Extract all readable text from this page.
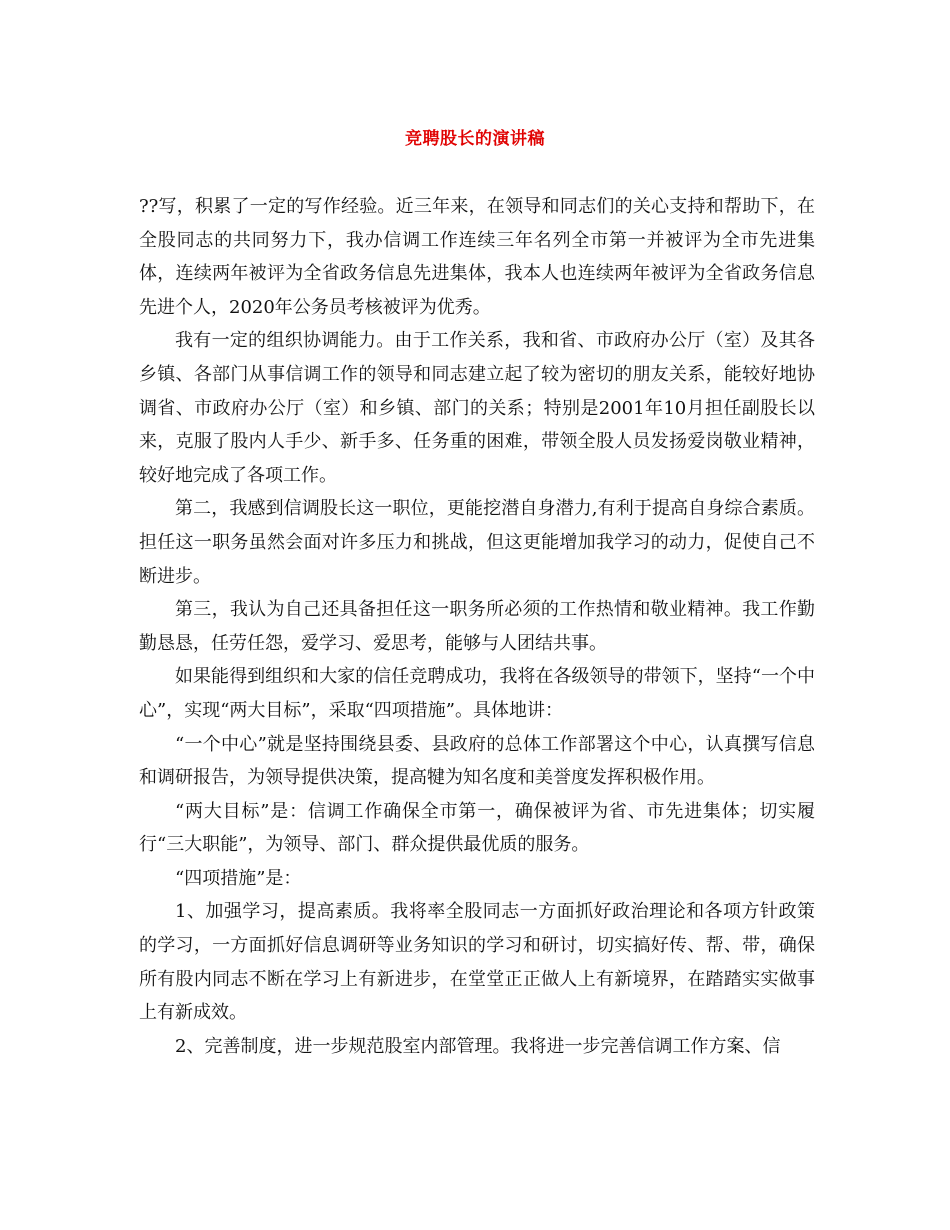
竞聘股长的演讲稿

??写，积累了一定的写作经验。近三年来，在领导和同志们的关心支持和帮助下，在全股同志的共同努力下，我办信调工作连续三年名列全市第一并被评为全市先进集体，连续两年被评为全省政务信息先进集体，我本人也连续两年被评为全省政务信息先进个人，2020年公务员考核被评为优秀。

我有一定的组织协调能力。由于工作关系，我和省、市政府办公厅（室）及其各乡镇、各部门从事信调工作的领导和同志建立起了较为密切的朋友关系，能较好地协调省、市政府办公厅（室）和乡镇、部门的关系；特别是2001年10月担任副股长以来，克服了股内人手少、新手多、任务重的困难，带领全股人员发扬爱岗敬业精神，较好地完成了各项工作。

第二，我感到信调股长这一职位，更能挖潜自身潜力,有利于提高自身综合素质。担任这一职务虽然会面对许多压力和挑战，但这更能增加我学习的动力，促使自己不断进步。

第三，我认为自己还具备担任这一职务所必须的工作热情和敬业精神。我工作勤勤恳恳，任劳任怨，爱学习、爱思考，能够与人团结共事。

如果能得到组织和大家的信任竞聘成功，我将在各级领导的带领下，坚持“一个中心”，实现“两大目标”，采取“四项措施”。具体地讲：

“一个中心”就是坚持围绕县委、县政府的总体工作部署这个中心，认真撰写信息和调研报告，为领导提供决策，提高犍为知名度和美誉度发挥积极作用。

“两大目标”是：信调工作确保全市第一，确保被评为省、市先进集体；切实履行“三大职能”，为领导、部门、群众提供最优质的服务。

“四项措施”是：

1、加强学习，提高素质。我将率全股同志一方面抓好政治理论和各项方针政策的学习，一方面抓好信息调研等业务知识的学习和研讨，切实搞好传、帮、带，确保所有股内同志不断在学习上有新进步，在堂堂正正做人上有新境界，在踏踏实实做事上有新成效。

2、完善制度，进一步规范股室内部管理。我将进一步完善信调工作方案、信
